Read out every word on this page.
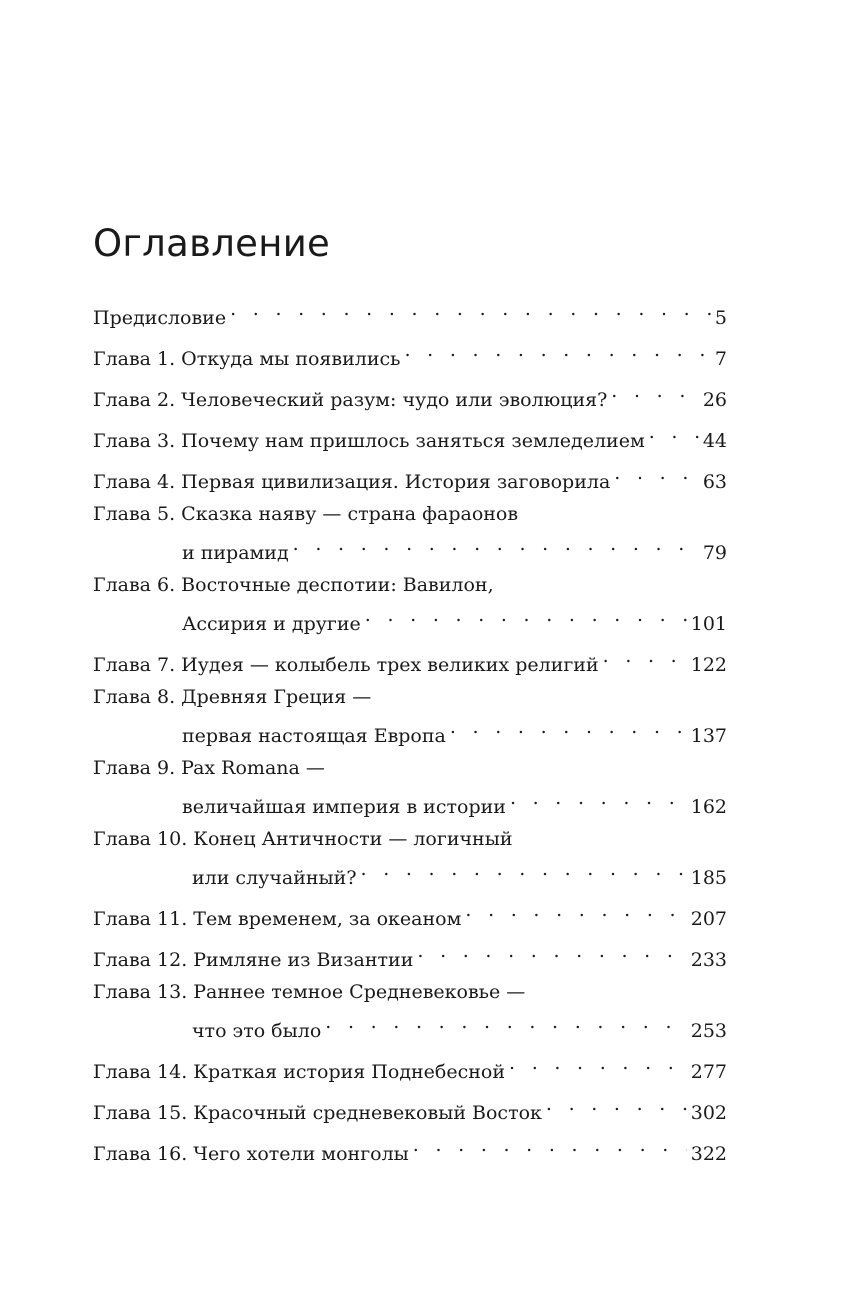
Оглавление
Предисловие . . .	5
Глава 1. Откуда мы появились . . .	7
Глава 2. Человеческий разум: чудо или эволюция? . . .	26
Глава 3. Почему нам пришлось заняться земледелием . . .	44
Глава 4. Первая цивилизация. История заговорила . . .	63
Глава 5. Сказка наяву — страна фараонов
и пирамид . . .	79
Глава 6. Восточные деспотии: Вавилон,
Ассирия и другие . . .	101
Глава 7. Иудея — колыбель трех великих религий . . .	122
Глава 8. Древняя Греция —
первая настоящая Европа . . .	137
Глава 9. Pax Romana —
величайшая империя в истории . . .	162
Глава 10. Конец Античности — логичный
или случайный? . . .	185
Глава 11. Тем временем, за океаном . . .	207
Глава 12. Римляне из Византии . . .	233
Глава 13. Раннее темное Средневековье —
что это было . . .	253
Глава 14. Краткая история Поднебесной . . .	277
Глава 15. Красочный средневековый Восток . . .	302
Глава 16. Чего хотели монголы . . .	322
